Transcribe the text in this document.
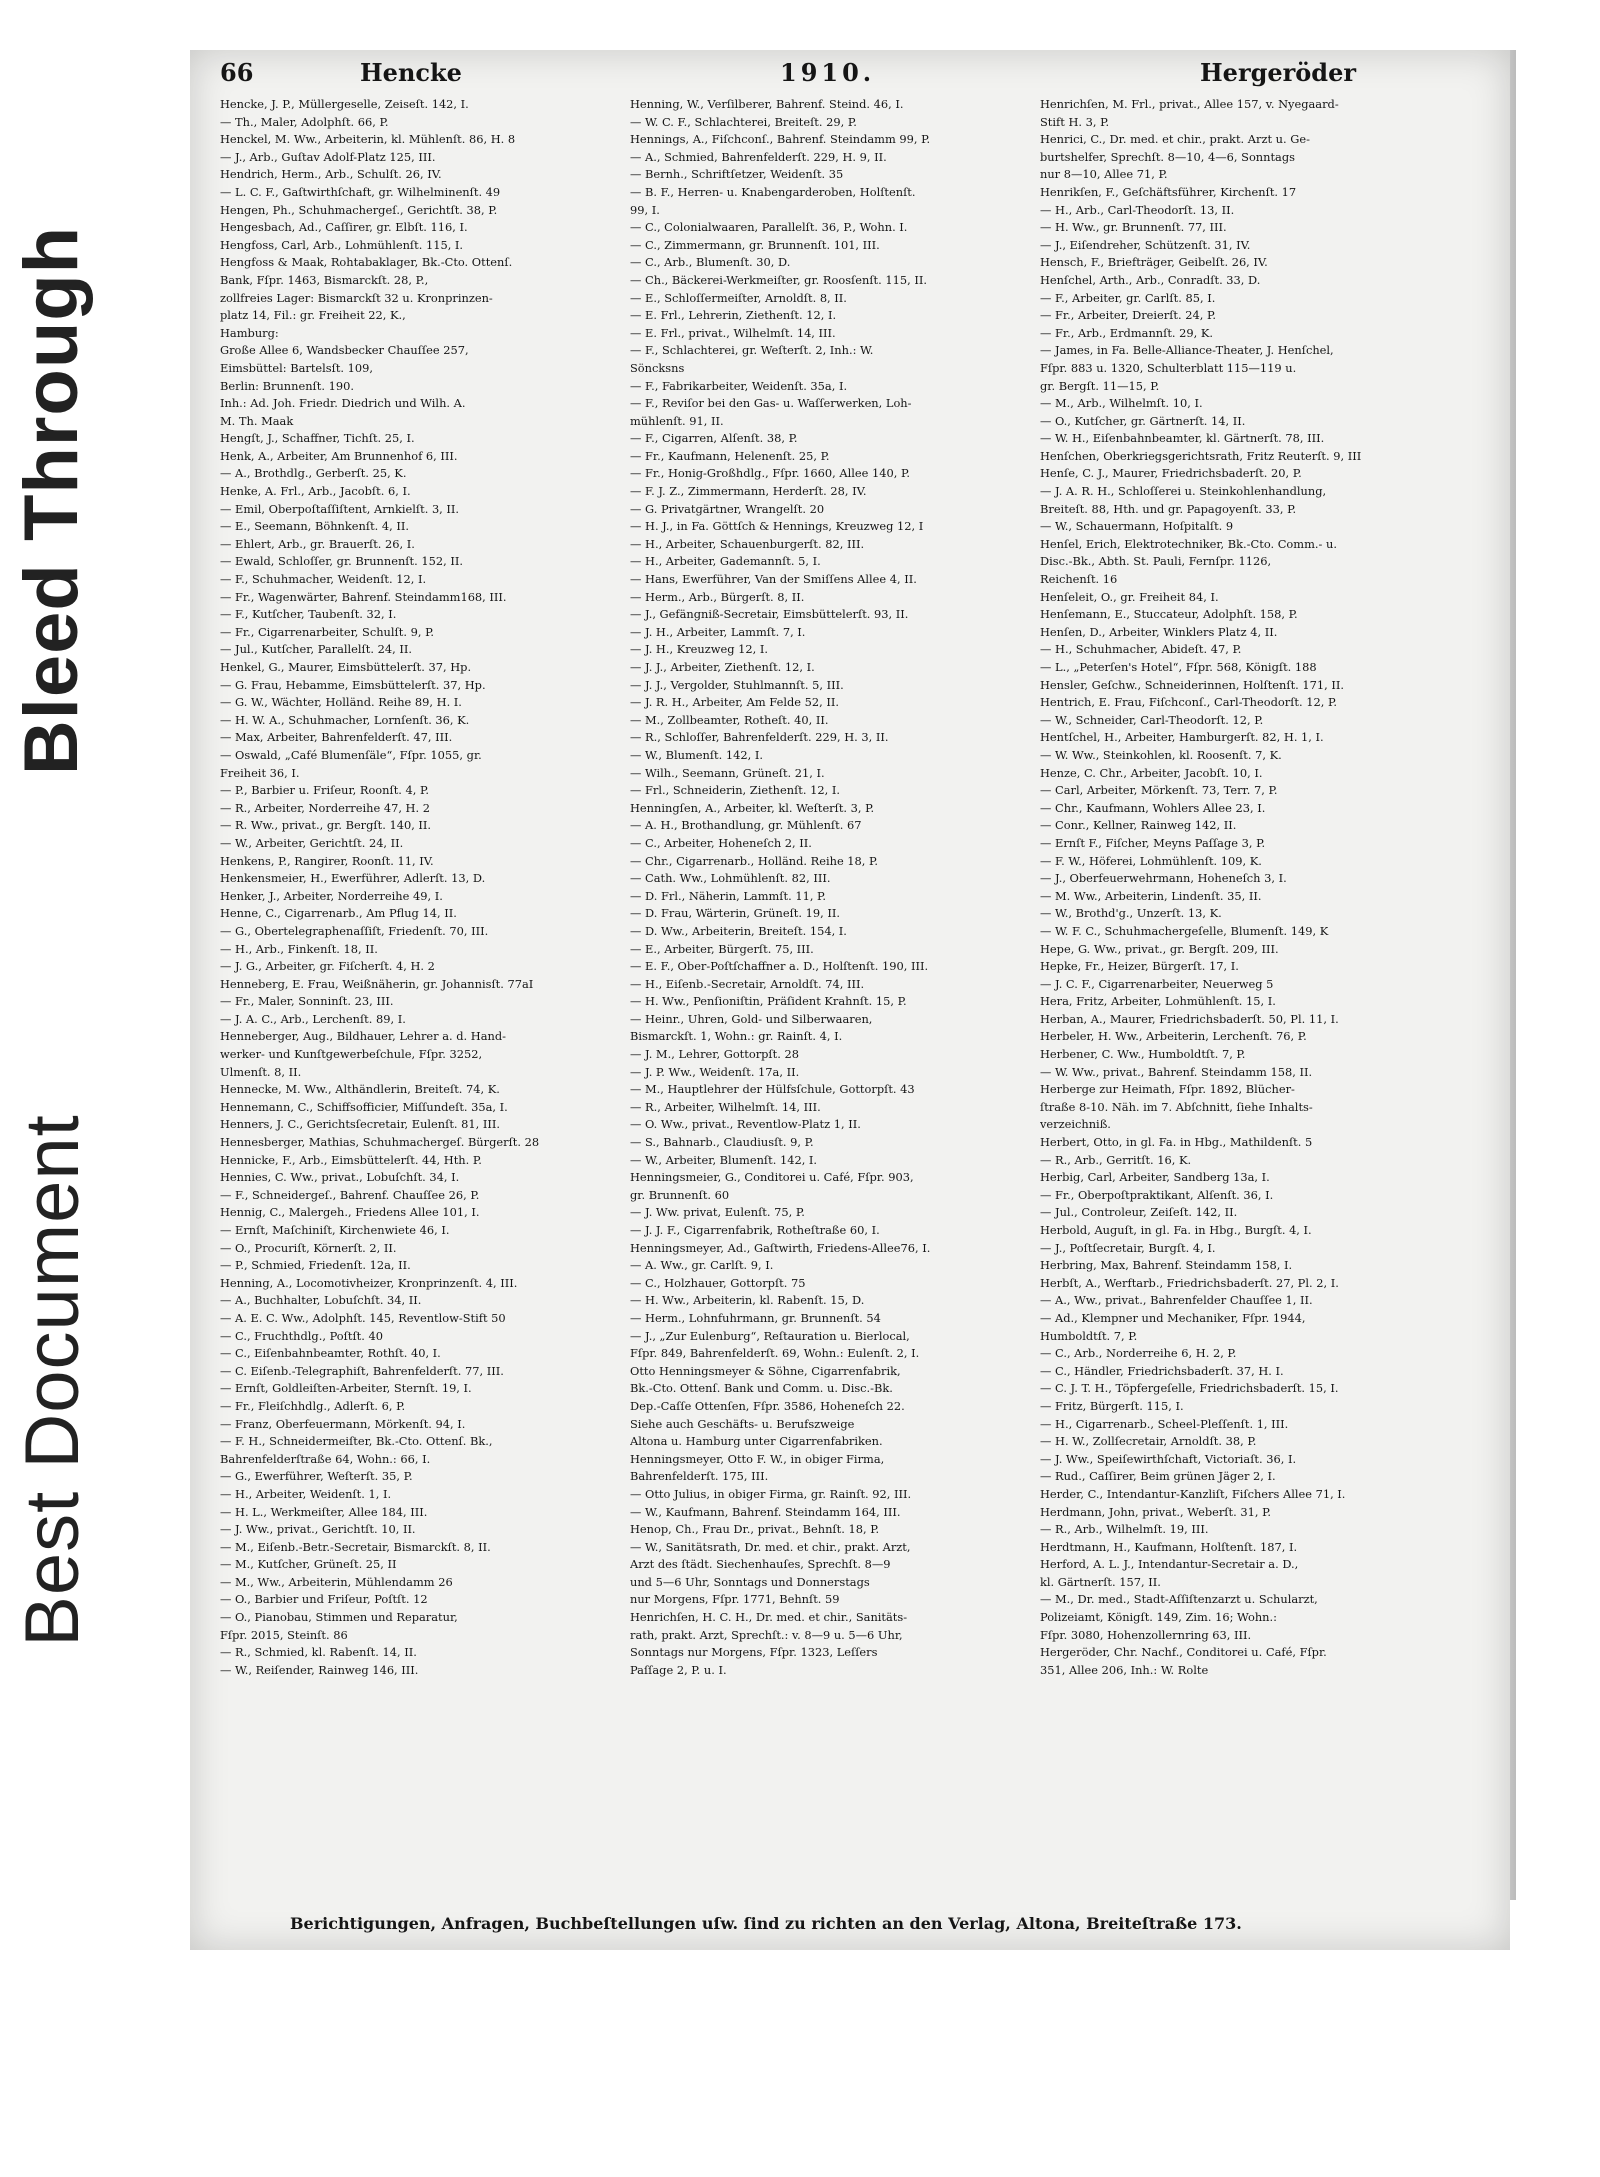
Bleed Through
Best Document
66	Hencke	1910.	Hergeröder
Hencke, J. P., Müllergeselle, Zeiseſt. 142, I.
— Th., Maler, Adolphſt. 66, P.
Henckel, M. Ww., Arbeiterin, kl. Mühlenſt. 86, H. 8
— J., Arb., Guſtav Adolf-Platz 125, III.
Hendrich, Herm., Arb., Schulſt. 26, IV.
— L. C. F., Gaſtwirthſchaft, gr. Wilhelminenſt. 49
Hengen, Ph., Schuhmachergeſ., Gerichtſt. 38, P.
Hengesbach, Ad., Caſſirer, gr. Elbſt. 116, I.
Hengfoss, Carl, Arb., Lohmühlenſt. 115, I.
Hengfoss & Maak, Rohtabaklager, Bk.-Cto. Ottenſ.
Bank, Fſpr. 1463, Bismarckſt. 28, P.,
zollfreies Lager: Bismarckſt 32 u. Kronprinzen-
platz 14, Fil.: gr. Freiheit 22, K.,
Hamburg:
Große Allee 6, Wandsbecker Chauſſee 257,
Eimsbüttel: Bartelsſt. 109,
Berlin: Brunnenſt. 190.
Inh.: Ad. Joh. Friedr. Diedrich und Wilh. A.
M. Th. Maak
Hengſt, J., Schaffner, Tichſt. 25, I.
Henk, A., Arbeiter, Am Brunnenhof 6, III.
— A., Brothdlg., Gerberſt. 25, K.
Henke, A. Frl., Arb., Jacobſt. 6, I.
— Emil, Oberpoſtaſſiſtent, Arnkielſt. 3, II.
— E., Seemann, Böhnkenſt. 4, II.
— Ehlert, Arb., gr. Brauerſt. 26, I.
— Ewald, Schloſſer, gr. Brunnenſt. 152, II.
— F., Schuhmacher, Weidenſt. 12, I.
— Fr., Wagenwärter, Bahrenf. Steindamm168, III.
— F., Kutſcher, Taubenſt. 32, I.
— Fr., Cigarrenarbeiter, Schulſt. 9, P.
— Jul., Kutſcher, Parallelſt. 24, II.
Henkel, G., Maurer, Eimsbüttelerſt. 37, Hp.
— G. Frau, Hebamme, Eimsbüttelerſt. 37, Hp.
— G. W., Wächter, Holländ. Reihe 89, H. I.
— H. W. A., Schuhmacher, Lornſenſt. 36, K.
— Max, Arbeiter, Bahrenfelderſt. 47, III.
— Oswald, „Café Blumenſäle“, Fſpr. 1055, gr.
Freiheit 36, I.
— P., Barbier u. Friſeur, Roonſt. 4, P.
— R., Arbeiter, Norderreihe 47, H. 2
— R. Ww., privat., gr. Bergſt. 140, II.
— W., Arbeiter, Gerichtſt. 24, II.
Henkens, P., Rangirer, Roonſt. 11, IV.
Henkensmeier, H., Ewerführer, Adlerſt. 13, D.
Henker, J., Arbeiter, Norderreihe 49, I.
Henne, C., Cigarrenarb., Am Pflug 14, II.
— G., Obertelegraphenaſſiſt, Friedenſt. 70, III.
— H., Arb., Finkenſt. 18, II.
— J. G., Arbeiter, gr. Fiſcherſt. 4, H. 2
Henneberg, E. Frau, Weißnäherin, gr. Johannisſt. 77aI
— Fr., Maler, Sonninſt. 23, III.
— J. A. C., Arb., Lerchenſt. 89, I.
Henneberger, Aug., Bildhauer, Lehrer a. d. Hand-
werker- und Kunſtgewerbeſchule, Fſpr. 3252,
Ulmenſt. 8, II.
Hennecke, M. Ww., Althändlerin, Breiteſt. 74, K.
Hennemann, C., Schiffsofficier, Miſſundeſt. 35a, I.
Henners, J. C., Gerichtsſecretair, Eulenſt. 81, III.
Hennesberger, Mathias, Schuhmachergeſ. Bürgerſt. 28
Hennicke, F., Arb., Eimsbüttelerſt. 44, Hth. P.
Hennies, C. Ww., privat., Lobuſchſt. 34, I.
— F., Schneidergeſ., Bahrenf. Chauſſee 26, P.
Hennig, C., Malergeh., Friedens Allee 101, I.
— Ernſt, Maſchiniſt, Kirchenwiete 46, I.
— O., Procuriſt, Körnerſt. 2, II.
— P., Schmied, Friedenſt. 12a, II.
Henning, A., Locomotivheizer, Kronprinzenſt. 4, III.
— A., Buchhalter, Lobuſchſt. 34, II.
— A. E. C. Ww., Adolphſt. 145, Reventlow-Stift 50
— C., Fruchthdlg., Poſtſt. 40
— C., Eiſenbahnbeamter, Rothſt. 40, I.
— C. Eiſenb.-Telegraphiſt, Bahrenfelderſt. 77, III.
— Ernſt, Goldleiſten-Arbeiter, Sternſt. 19, I.
— Fr., Fleiſchhdlg., Adlerſt. 6, P.
— Franz, Oberfeuermann, Mörkenſt. 94, I.
— F. H., Schneidermeiſter, Bk.-Cto. Ottenſ. Bk.,
Bahrenfelderſtraße 64, Wohn.: 66, I.
— G., Ewerführer, Weſterſt. 35, P.
— H., Arbeiter, Weidenſt. 1, I.
— H. L., Werkmeiſter, Allee 184, III.
— J. Ww., privat., Gerichtſt. 10, II.
— M., Eiſenb.-Betr.-Secretair, Bismarckſt. 8, II.
— M., Kutſcher, Grüneſt. 25, II
— M., Ww., Arbeiterin, Mühlendamm 26
— O., Barbier und Friſeur, Poſtſt. 12
— O., Pianobau, Stimmen und Reparatur,
Fſpr. 2015, Steinſt. 86
— R., Schmied, kl. Rabenſt. 14, II.
— W., Reiſender, Rainweg 146, III.
Henning, W., Verſilberer, Bahrenf. Steind. 46, I.
— W. C. F., Schlachterei, Breiteſt. 29, P.
Hennings, A., Fiſchconſ., Bahrenf. Steindamm 99, P.
— A., Schmied, Bahrenfelderſt. 229, H. 9, II.
— Bernh., Schriftſetzer, Weidenſt. 35
— B. F., Herren- u. Knabengarderoben, Holſtenſt.
99, I.
— C., Colonialwaaren, Parallelſt. 36, P., Wohn. I.
— C., Zimmermann, gr. Brunnenſt. 101, III.
— C., Arb., Blumenſt. 30, D.
— Ch., Bäckerei-Werkmeiſter, gr. Roosſenſt. 115, II.
— E., Schloſſermeiſter, Arnoldſt. 8, II.
— E. Frl., Lehrerin, Ziethenſt. 12, I.
— E. Frl., privat., Wilhelmſt. 14, III.
— F., Schlachterei, gr. Weſterſt. 2, Inh.: W.
Söncksns
— F., Fabrikarbeiter, Weidenſt. 35a, I.
— F., Reviſor bei den Gas- u. Waſſerwerken, Loh-
mühlenſt. 91, II.
— F., Cigarren, Alſenſt. 38, P.
— Fr., Kaufmann, Helenenſt. 25, P.
— Fr., Honig-Großhdlg., Fſpr. 1660, Allee 140, P.
— F. J. Z., Zimmermann, Herderſt. 28, IV.
— G. Privatgärtner, Wrangelſt. 20
— H. J., in Fa. Göttſch & Hennings, Kreuzweg 12, I
— H., Arbeiter, Schauenburgerſt. 82, III.
— H., Arbeiter, Gademannſt. 5, I.
— Hans, Ewerführer, Van der Smiſſens Allee 4, II.
— Herm., Arb., Bürgerſt. 8, II.
— J., Gefängniß-Secretair, Eimsbüttelerſt. 93, II.
— J. H., Arbeiter, Lammſt. 7, I.
— J. H., Kreuzweg 12, I.
— J. J., Arbeiter, Ziethenſt. 12, I.
— J. J., Vergolder, Stuhlmannſt. 5, III.
— J. R. H., Arbeiter, Am Felde 52, II.
— M., Zollbeamter, Rotheſt. 40, II.
— R., Schloſſer, Bahrenfelderſt. 229, H. 3, II.
— W., Blumenſt. 142, I.
— Wilh., Seemann, Grüneſt. 21, I.
— Frl., Schneiderin, Ziethenſt. 12, I.
Henningſen, A., Arbeiter, kl. Weſterſt. 3, P.
— A. H., Brothandlung, gr. Mühlenſt. 67
— C., Arbeiter, Hoheneſch 2, II.
— Chr., Cigarrenarb., Holländ. Reihe 18, P.
— Cath. Ww., Lohmühlenſt. 82, III.
— D. Frl., Näherin, Lammſt. 11, P.
— D. Frau, Wärterin, Grüneſt. 19, II.
— D. Ww., Arbeiterin, Breiteſt. 154, I.
— E., Arbeiter, Bürgerſt. 75, III.
— E. F., Ober-Poſtſchaffner a. D., Holſtenſt. 190, III.
— H., Eiſenb.-Secretair, Arnoldſt. 74, III.
— H. Ww., Penſioniſtin, Präſident Krahnſt. 15, P.
— Heinr., Uhren, Gold- und Silberwaaren,
Bismarckſt. 1, Wohn.: gr. Rainſt. 4, I.
— J. M., Lehrer, Gottorpſt. 28
— J. P. Ww., Weidenſt. 17a, II.
— M., Hauptlehrer der Hülfsſchule, Gottorpſt. 43
— R., Arbeiter, Wilhelmſt. 14, III.
— O. Ww., privat., Reventlow-Platz 1, II.
— S., Bahnarb., Claudiusſt. 9, P.
— W., Arbeiter, Blumenſt. 142, I.
Henningsmeier, G., Conditorei u. Café, Fſpr. 903,
gr. Brunnenſt. 60
— J. Ww. privat, Eulenſt. 75, P.
— J. J. F., Cigarrenfabrik, Rotheſtraße 60, I.
Henningsmeyer, Ad., Gaſtwirth, Friedens-Allee76, I.
— A. Ww., gr. Carlſt. 9, I.
— C., Holzhauer, Gottorpſt. 75
— H. Ww., Arbeiterin, kl. Rabenſt. 15, D.
— Herm., Lohnfuhrmann, gr. Brunnenſt. 54
— J., „Zur Eulenburg“, Reſtauration u. Bierlocal,
Fſpr. 849, Bahrenfelderſt. 69, Wohn.: Eulenſt. 2, I.
Otto Henningsmeyer & Söhne, Cigarrenfabrik,
Bk.-Cto. Ottenſ. Bank und Comm. u. Disc.-Bk.
Dep.-Caſſe Ottenſen, Fſpr. 3586, Hoheneſch 22.
Siehe auch Geschäfts- u. Berufszweige
Altona u. Hamburg unter Cigarrenfabriken.
Henningsmeyer, Otto F. W., in obiger Firma,
Bahrenfelderſt. 175, III.
— Otto Julius, in obiger Firma, gr. Rainſt. 92, III.
— W., Kaufmann, Bahrenf. Steindamm 164, III.
Henop, Ch., Frau Dr., privat., Behnſt. 18, P.
— W., Sanitätsrath, Dr. med. et chir., prakt. Arzt,
Arzt des ſtädt. Siechenhauſes, Sprechſt. 8—9
und 5—6 Uhr, Sonntags und Donnerstags
nur Morgens, Fſpr. 1771, Behnſt. 59
Henrichſen, H. C. H., Dr. med. et chir., Sanitäts-
rath, prakt. Arzt, Sprechſt.: v. 8—9 u. 5—6 Uhr,
Sonntags nur Morgens, Fſpr. 1323, Leſſers
Paſſage 2, P. u. I.
Henrichſen, M. Frl., privat., Allee 157, v. Nyegaard-
Stift H. 3, P.
Henrici, C., Dr. med. et chir., prakt. Arzt u. Ge-
burtshelfer, Sprechſt. 8—10, 4—6, Sonntags
nur 8—10, Allee 71, P.
Henrikſen, F., Geſchäftsführer, Kirchenſt. 17
— H., Arb., Carl-Theodorſt. 13, II.
— H. Ww., gr. Brunnenſt. 77, III.
— J., Eiſendreher, Schützenſt. 31, IV.
Hensch, F., Briefträger, Geibelſt. 26, IV.
Henſchel, Arth., Arb., Conradſt. 33, D.
— F., Arbeiter, gr. Carlſt. 85, I.
— Fr., Arbeiter, Dreierſt. 24, P.
— Fr., Arb., Erdmannſt. 29, K.
— James, in Fa. Belle-Alliance-Theater, J. Henſchel,
Fſpr. 883 u. 1320, Schulterblatt 115—119 u.
gr. Bergſt. 11—15, P.
— M., Arb., Wilhelmſt. 10, I.
— O., Kutſcher, gr. Gärtnerſt. 14, II.
— W. H., Eiſenbahnbeamter, kl. Gärtnerſt. 78, III.
Henſchen, Oberkriegsgerichtsrath, Fritz Reuterſt. 9, III
Henſe, C. J., Maurer, Friedrichsbaderſt. 20, P.
— J. A. R. H., Schloſſerei u. Steinkohlenhandlung,
Breiteſt. 88, Hth. und gr. Papagoyenſt. 33, P.
— W., Schauermann, Hoſpitalſt. 9
Henſel, Erich, Elektrotechniker, Bk.-Cto. Comm.- u.
Disc.-Bk., Abth. St. Pauli, Fernſpr. 1126,
Reichenſt. 16
Henſeleit, O., gr. Freiheit 84, I.
Henſemann, E., Stuccateur, Adolphſt. 158, P.
Henſen, D., Arbeiter, Winklers Platz 4, II.
— H., Schuhmacher, Abideſt. 47, P.
— L., „Peterſen's Hotel“, Fſpr. 568, Königſt. 188
Hensler, Geſchw., Schneiderinnen, Holſtenſt. 171, II.
Hentrich, E. Frau, Fiſchconſ., Carl-Theodorſt. 12, P.
— W., Schneider, Carl-Theodorſt. 12, P.
Hentſchel, H., Arbeiter, Hamburgerſt. 82, H. 1, I.
— W. Ww., Steinkohlen, kl. Roosenſt. 7, K.
Henze, C. Chr., Arbeiter, Jacobſt. 10, I.
— Carl, Arbeiter, Mörkenſt. 73, Terr. 7, P.
— Chr., Kaufmann, Wohlers Allee 23, I.
— Conr., Kellner, Rainweg 142, II.
— Ernſt F., Fiſcher, Meyns Paſſage 3, P.
— F. W., Höferei, Lohmühlenſt. 109, K.
— J., Oberfeuerwehrmann, Hoheneſch 3, I.
— M. Ww., Arbeiterin, Lindenſt. 35, II.
— W., Brothd'g., Unzerſt. 13, K.
— W. F. C., Schuhmachergeſelle, Blumenſt. 149, K
Hepe, G. Ww., privat., gr. Bergſt. 209, III.
Hepke, Fr., Heizer, Bürgerſt. 17, I.
— J. C. F., Cigarrenarbeiter, Neuerweg 5
Hera, Fritz, Arbeiter, Lohmühlenſt. 15, I.
Herban, A., Maurer, Friedrichsbaderſt. 50, Pl. 11, I.
Herbeler, H. Ww., Arbeiterin, Lerchenſt. 76, P.
Herbener, C. Ww., Humboldtſt. 7, P.
— W. Ww., privat., Bahrenf. Steindamm 158, II.
Herberge zur Heimath, Fſpr. 1892, Blücher-
ſtraße 8-10. Näh. im 7. Abſchnitt, ſiehe Inhalts-
verzeichniß.
Herbert, Otto, in gl. Fa. in Hbg., Mathildenſt. 5
— R., Arb., Gerritſt. 16, K.
Herbig, Carl, Arbeiter, Sandberg 13a, I.
— Fr., Oberpoſtpraktikant, Alſenſt. 36, I.
— Jul., Controleur, Zeiſeſt. 142, II.
Herbold, Auguſt, in gl. Fa. in Hbg., Burgſt. 4, I.
— J., Poſtſecretair, Burgſt. 4, I.
Herbring, Max, Bahrenf. Steindamm 158, I.
Herbſt, A., Werftarb., Friedrichsbaderſt. 27, Pl. 2, I.
— A., Ww., privat., Bahrenfelder Chauſſee 1, II.
— Ad., Klempner und Mechaniker, Fſpr. 1944,
Humboldtſt. 7, P.
— C., Arb., Norderreihe 6, H. 2, P.
— C., Händler, Friedrichsbaderſt. 37, H. I.
— C. J. T. H., Töpfergeſelle, Friedrichsbaderſt. 15, I.
— Fritz, Bürgerſt. 115, I.
— H., Cigarrenarb., Scheel-Pleſſenſt. 1, III.
— H. W., Zollſecretair, Arnoldſt. 38, P.
— J. Ww., Speiſewirthſchaft, Victoriaſt. 36, I.
— Rud., Caſſirer, Beim grünen Jäger 2, I.
Herder, C., Intendantur-Kanzliſt, Fiſchers Allee 71, I.
Herdmann, John, privat., Weberſt. 31, P.
— R., Arb., Wilhelmſt. 19, III.
Herdtmann, H., Kaufmann, Holſtenſt. 187, I.
Herford, A. L. J., Intendantur-Secretair a. D.,
kl. Gärtnerſt. 157, II.
— M., Dr. med., Stadt-Aſſiſtenzarzt u. Schularzt,
Polizeiamt, Königſt. 149, Zim. 16; Wohn.:
Fſpr. 3080, Hohenzollernring 63, III.
Hergeröder, Chr. Nachf., Conditorei u. Café, Fſpr.
351, Allee 206, Inh.: W. Rolte
Berichtigungen, Anfragen, Buchbeſtellungen uſw. ſind zu richten an den Verlag, Altona, Breiteſtraße 173.
